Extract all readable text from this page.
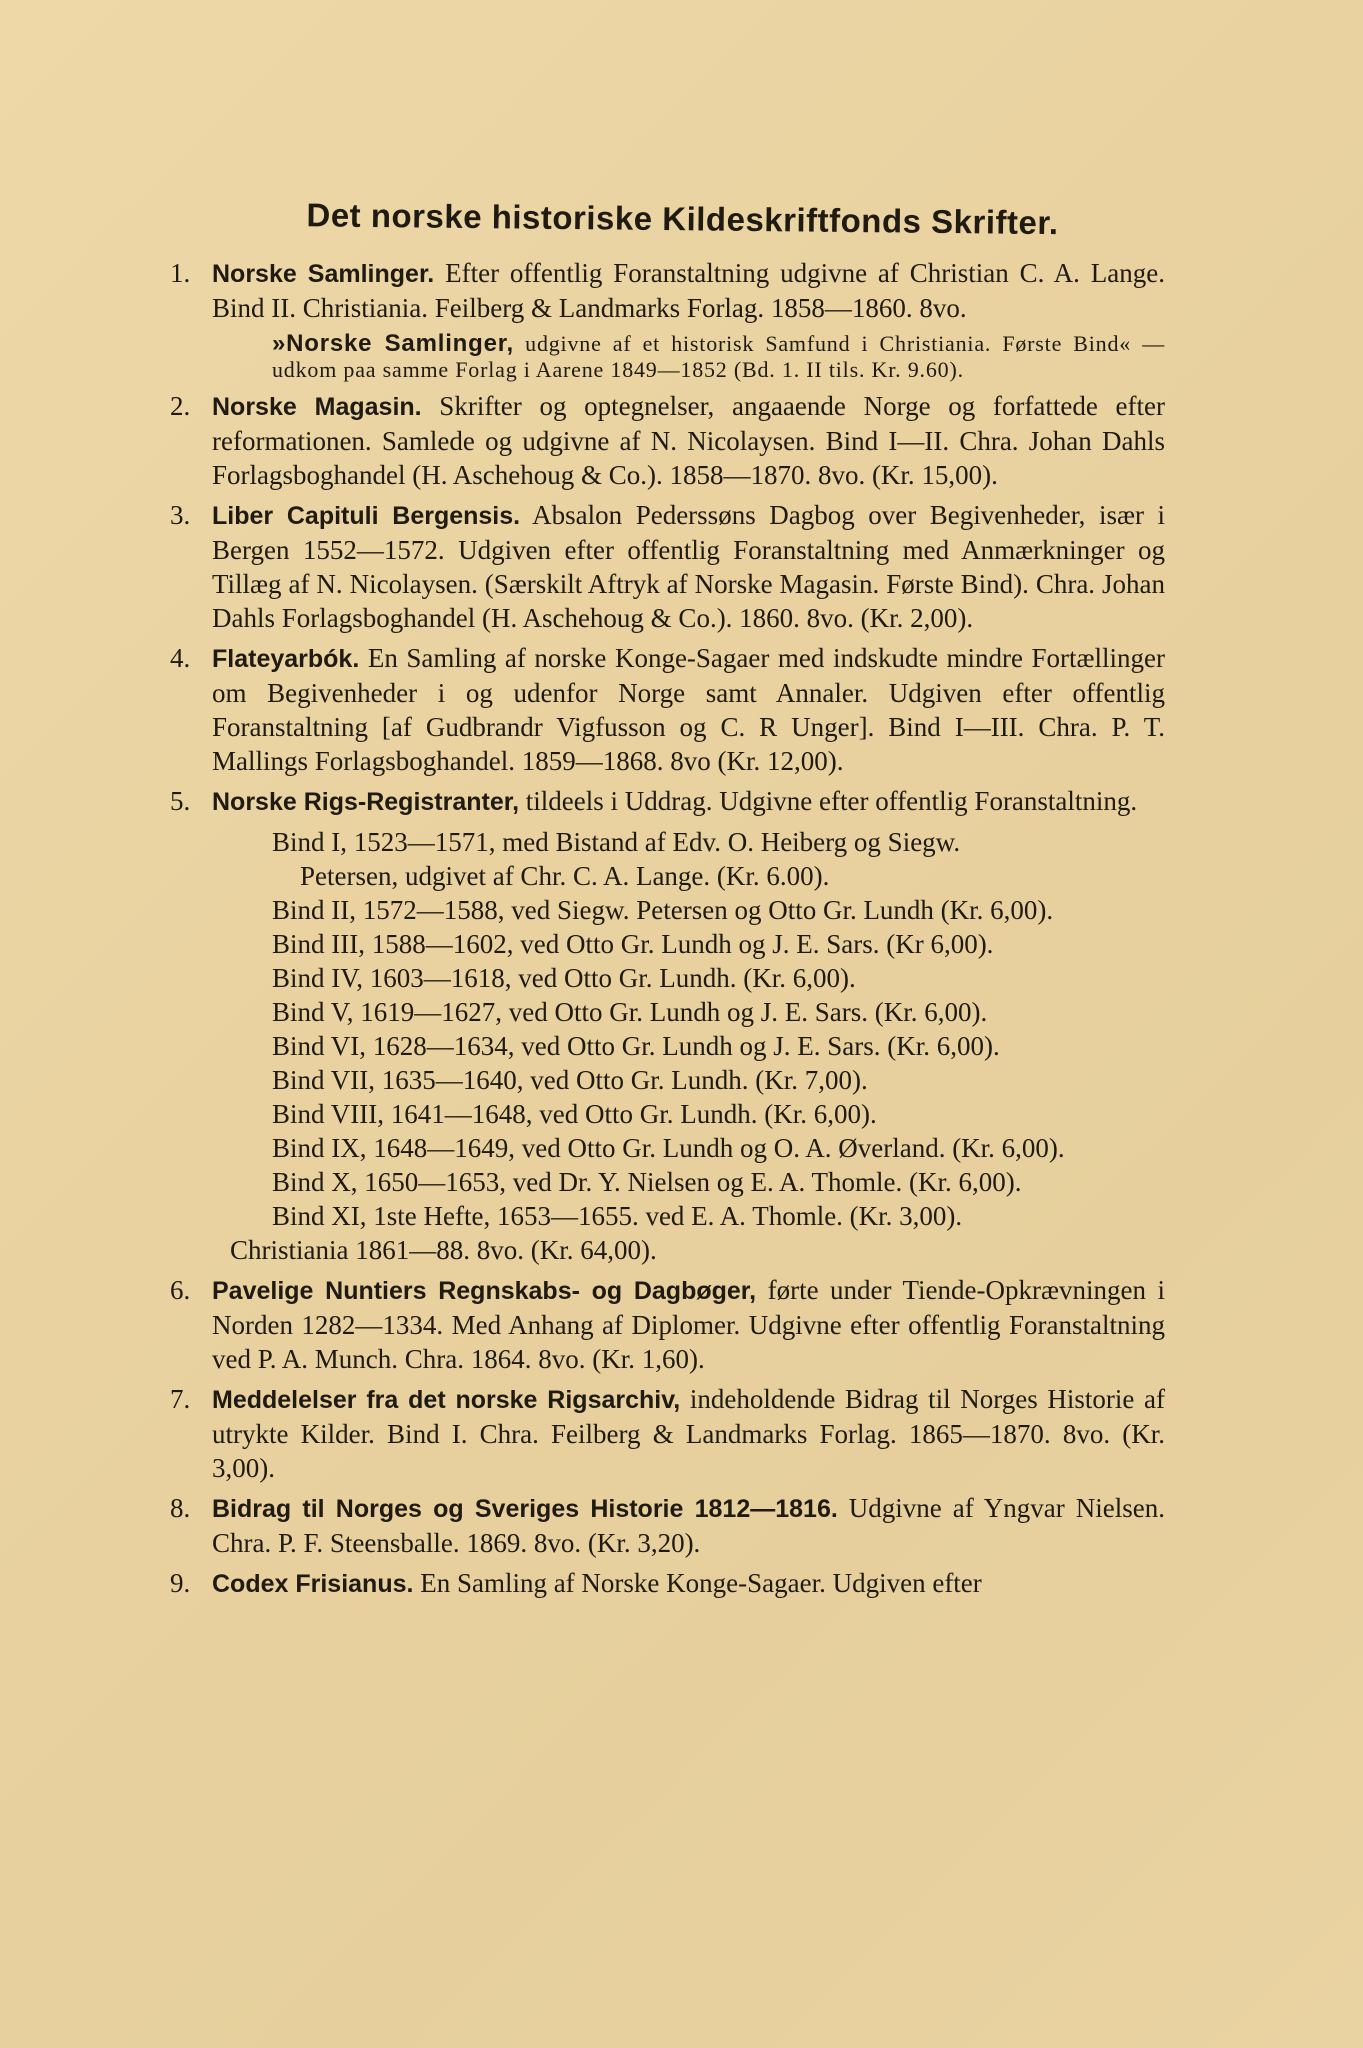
Det norske historiske Kildeskriftfonds Skrifter.
1. Norske Samlinger. Efter offentlig Foranstaltning udgivne af Christian C. A. Lange. Bind II. Christiania. Feilberg & Landmarks Forlag. 1858—1860. 8vo.
»Norske Samlinger, udgivne af et historisk Samfund i Christiania. Første Bind« — udkom paa samme Forlag i Aarene 1849—1852 (Bd. 1. II tils. Kr. 9.60).
2. Norske Magasin. Skrifter og optegnelser, angaaende Norge og forfattede efter reformationen. Samlede og udgivne af N. Nicolaysen. Bind I—II. Chra. Johan Dahls Forlagsboghandel (H. Aschehoug & Co.). 1858—1870. 8vo. (Kr. 15,00).
3. Liber Capituli Bergensis. Absalon Pederssøns Dagbog over Begivenheder, især i Bergen 1552—1572. Udgiven efter offentlig Foranstaltning med Anmærkninger og Tillæg af N. Nicolaysen. (Særskilt Aftryk af Norske Magasin. Første Bind). Chra. Johan Dahls Forlagsboghandel (H. Aschehoug & Co.). 1860. 8vo. (Kr. 2,00).
4. Flateyarbók. En Samling af norske Konge-Sagaer med indskudte mindre Fortællinger om Begivenheder i og udenfor Norge samt Annaler. Udgiven efter offentlig Foranstaltning [af Gudbrandr Vigfusson og C. R Unger]. Bind I—III. Chra. P. T. Mallings Forlagsboghandel. 1859—1868. 8vo (Kr. 12,00).
5. Norske Rigs-Registranter, tildeels i Uddrag. Udgivne efter offentlig Foranstaltning.
Bind I, 1523—1571, med Bistand af Edv. O. Heiberg og Siegw.
Petersen, udgivet af Chr. C. A. Lange. (Kr. 6.00).
Bind II, 1572—1588, ved Siegw. Petersen og Otto Gr. Lundh (Kr. 6,00).
Bind III, 1588—1602, ved Otto Gr. Lundh og J. E. Sars. (Kr 6,00).
Bind IV, 1603—1618, ved Otto Gr. Lundh. (Kr. 6,00).
Bind V, 1619—1627, ved Otto Gr. Lundh og J. E. Sars. (Kr. 6,00).
Bind VI, 1628—1634, ved Otto Gr. Lundh og J. E. Sars. (Kr. 6,00).
Bind VII, 1635—1640, ved Otto Gr. Lundh. (Kr. 7,00).
Bind VIII, 1641—1648, ved Otto Gr. Lundh. (Kr. 6,00).
Bind IX, 1648—1649, ved Otto Gr. Lundh og O. A. Øverland. (Kr. 6,00).
Bind X, 1650—1653, ved Dr. Y. Nielsen og E. A. Thomle. (Kr. 6,00).
Bind XI, 1ste Hefte, 1653—1655. ved E. A. Thomle. (Kr. 3,00).
Christiania 1861—88. 8vo. (Kr. 64,00).
6. Pavelige Nuntiers Regnskabs- og Dagbøger, førte under Tiende-Opkrævningen i Norden 1282—1334. Med Anhang af Diplomer. Udgivne efter offentlig Foranstaltning ved P. A. Munch. Chra. 1864. 8vo. (Kr. 1,60).
7. Meddelelser fra det norske Rigsarchiv, indeholdende Bidrag til Norges Historie af utrykte Kilder. Bind I. Chra. Feilberg & Landmarks Forlag. 1865—1870. 8vo. (Kr. 3,00).
8. Bidrag til Norges og Sveriges Historie 1812—1816. Udgivne af Yngvar Nielsen. Chra. P. F. Steensballe. 1869. 8vo. (Kr. 3,20).
9. Codex Frisianus. En Samling af Norske Konge-Sagaer. Udgiven efter
